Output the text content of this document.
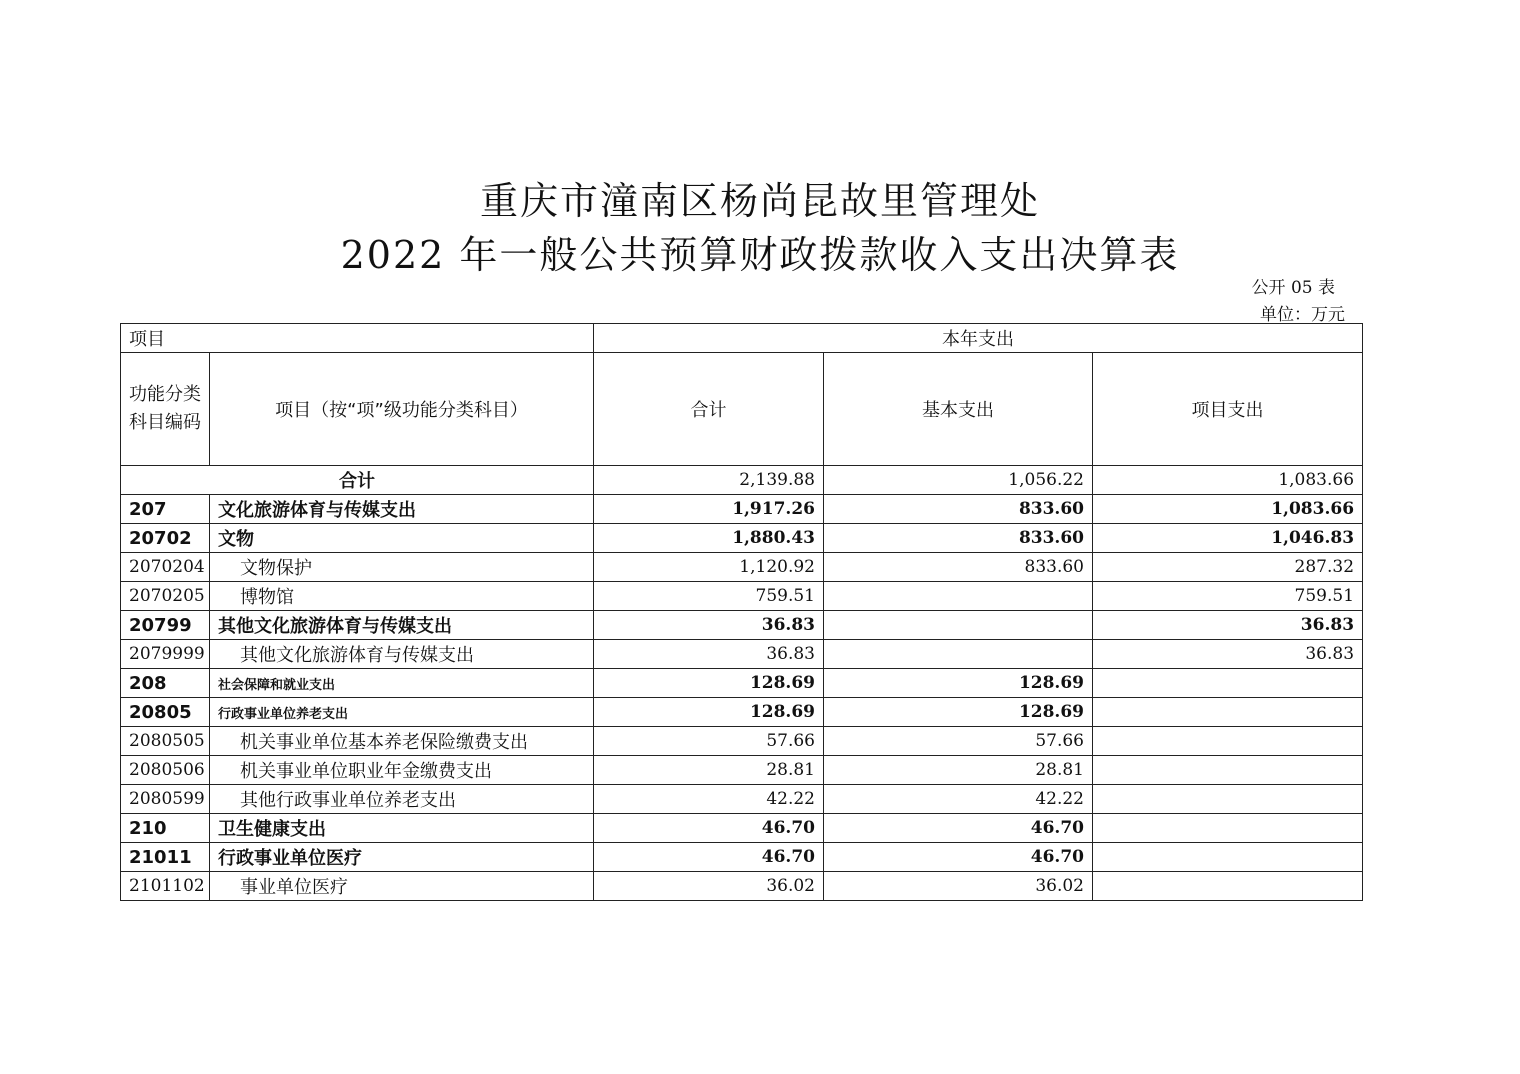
重庆市潼南区杨尚昆故里管理处
2022 年一般公共预算财政拨款收入支出决算表
公开 05 表
单位：万元
项目		本年支出		
功能分类科目编码	项目（按“项”级功能分类科目）	合计	基本支出	项目支出
合计		2,139.88	1,056.22	1,083.66
207	文化旅游体育与传媒支出	1,917.26	833.60	1,083.66
20702	文物	1,880.43	833.60	1,046.83
2070204	文物保护	1,120.92	833.60	287.32
2070205	博物馆	759.51		759.51
20799	其他文化旅游体育与传媒支出	36.83		36.83
2079999	其他文化旅游体育与传媒支出	36.83		36.83
208	社会保障和就业支出	128.69	128.69	
20805	行政事业单位养老支出	128.69	128.69	
2080505	机关事业单位基本养老保险缴费支出	57.66	57.66	
2080506	机关事业单位职业年金缴费支出	28.81	28.81	
2080599	其他行政事业单位养老支出	42.22	42.22	
210	卫生健康支出	46.70	46.70	
21011	行政事业单位医疗	46.70	46.70	
2101102	事业单位医疗	36.02	36.02	
